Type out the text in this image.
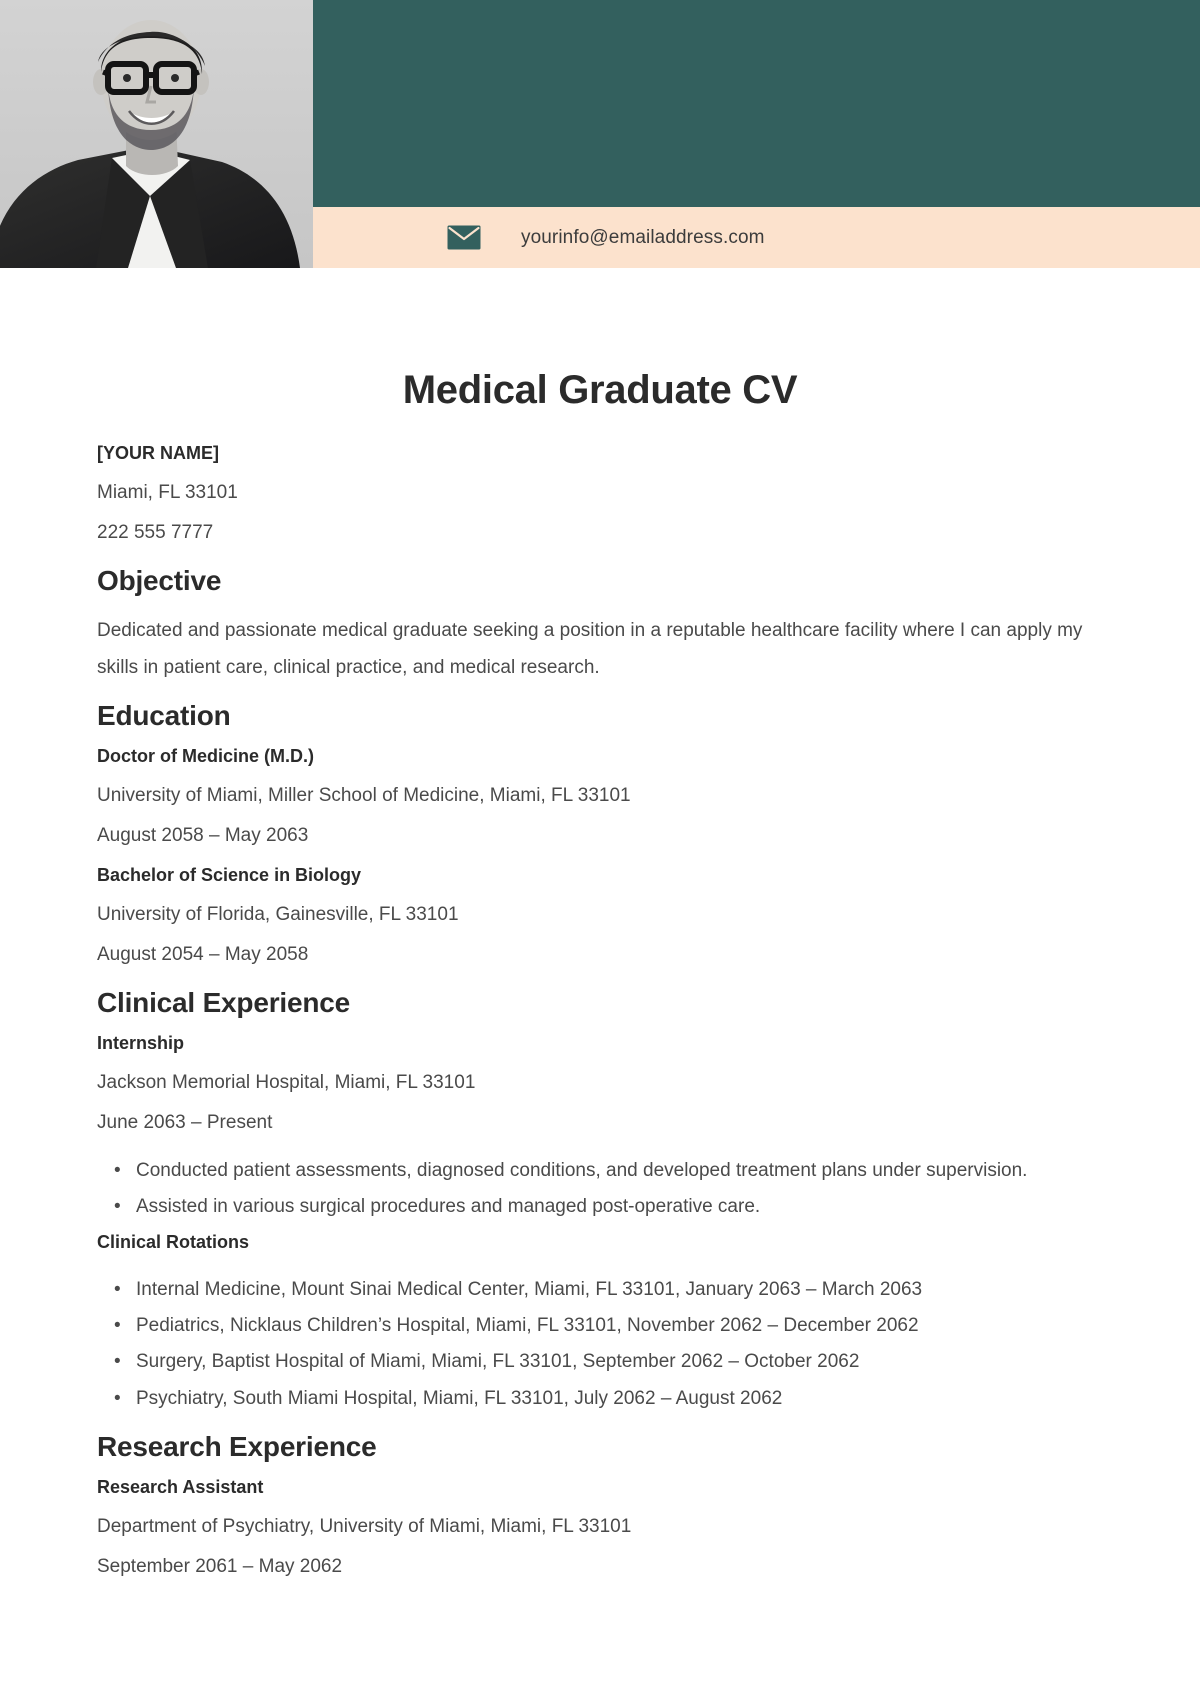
yourinfo@emailaddress.com
Medical Graduate CV
[YOUR NAME]
Miami, FL 33101
222 555 7777
Objective

Dedicated and passionate medical graduate seeking a position in a reputable healthcare facility where I can apply my skills in patient care, clinical practice, and medical research.

Education
Doctor of Medicine (M.D.)
University of Miami, Miller School of Medicine, Miami, FL 33101
August 2058 – May 2063
Bachelor of Science in Biology
University of Florida, Gainesville, FL 33101
August 2054 – May 2058
Clinical Experience
Internship
Jackson Memorial Hospital, Miami, FL 33101
June 2063 – Present
• Conducted patient assessments, diagnosed conditions, and developed treatment plans under supervision.
• Assisted in various surgical procedures and managed post-operative care.
Clinical Rotations
• Internal Medicine, Mount Sinai Medical Center, Miami, FL 33101, January 2063 – March 2063
• Pediatrics, Nicklaus Children’s Hospital, Miami, FL 33101, November 2062 – December 2062
• Surgery, Baptist Hospital of Miami, Miami, FL 33101, September 2062 – October 2062
• Psychiatry, South Miami Hospital, Miami, FL 33101, July 2062 – August 2062
Research Experience
Research Assistant
Department of Psychiatry, University of Miami, Miami, FL 33101
September 2061 – May 2062
